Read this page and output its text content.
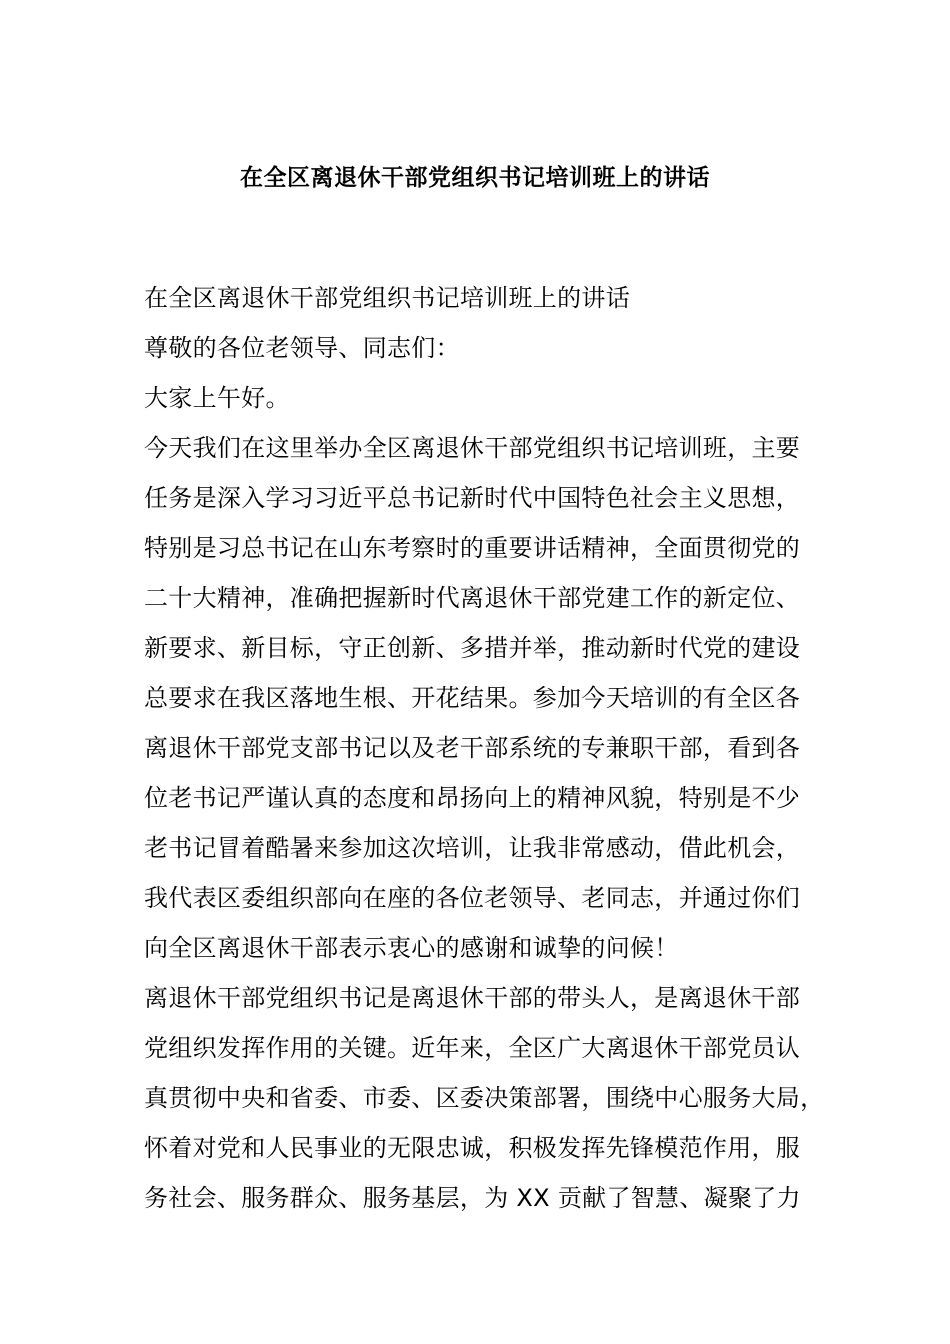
在全区离退休干部党组织书记培训班上的讲话
在全区离退休干部党组织书记培训班上的讲话
尊敬的各位老领导、同志们：
大家上午好。
今天我们在这里举办全区离退休干部党组织书记培训班，主要
任务是深入学习习近平总书记新时代中国特色社会主义思想，
特别是习总书记在山东考察时的重要讲话精神，全面贯彻党的
二十大精神，准确把握新时代离退休干部党建工作的新定位、
新要求、新目标，守正创新、多措并举，推动新时代党的建设
总要求在我区落地生根、开花结果。参加今天培训的有全区各
离退休干部党支部书记以及老干部系统的专兼职干部，看到各
位老书记严谨认真的态度和昂扬向上的精神风貌，特别是不少
老书记冒着酷暑来参加这次培训，让我非常感动，借此机会，
我代表区委组织部向在座的各位老领导、老同志，并通过你们
向全区离退休干部表示衷心的感谢和诚挚的问候！
离退休干部党组织书记是离退休干部的带头人，是离退休干部
党组织发挥作用的关键。近年来，全区广大离退休干部党员认
真贯彻中央和省委、市委、区委决策部署，围绕中心服务大局，
怀着对党和人民事业的无限忠诚，积极发挥先锋模范作用，服
务社会、服务群众、服务基层，为 XX 贡献了智慧、凝聚了力
